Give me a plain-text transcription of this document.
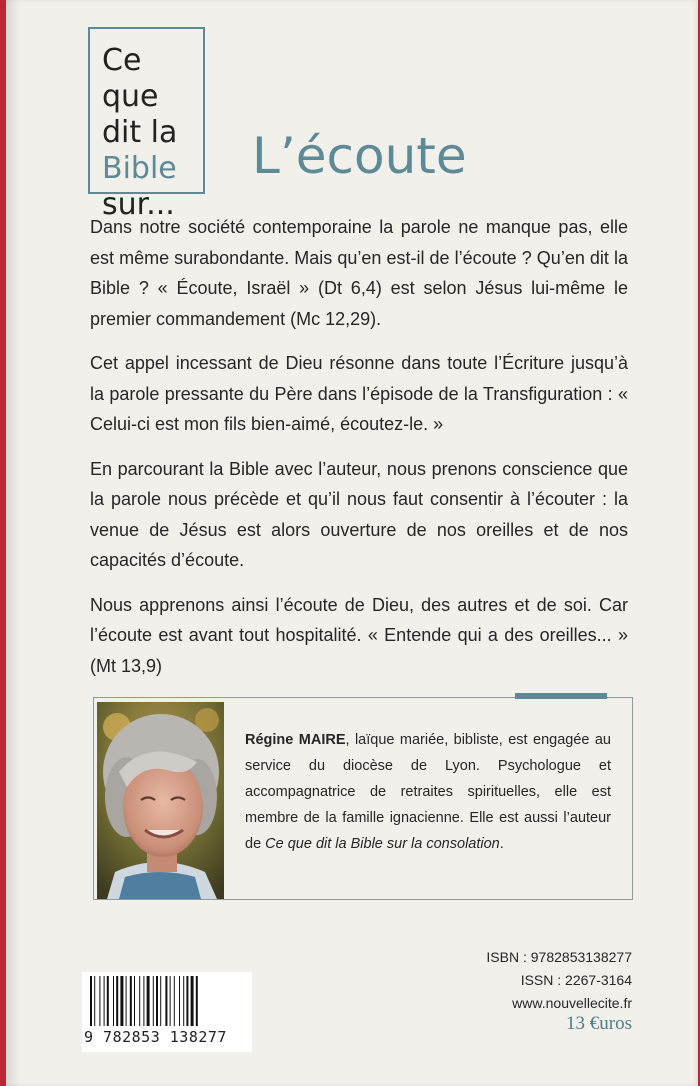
Ce que
dit la
Bible
sur...
L’écoute

Dans notre société contemporaine la parole ne manque pas, elle est même surabondante. Mais qu’en est-il de l’écoute ? Qu’en dit la Bible ? « Écoute, Israël » (Dt 6,4) est selon Jésus lui-même le premier commandement (Mc 12,29).

Cet appel incessant de Dieu résonne dans toute l’Écriture jusqu’à la parole pressante du Père dans l’épisode de la Transfiguration : « Celui-ci est mon fils bien-aimé, écoutez-le. »

En parcourant la Bible avec l’auteur, nous prenons conscience que la parole nous précède et qu’il nous faut consentir à l’écouter : la venue de Jésus est alors ouverture de nos oreilles et de nos capacités d’écoute.

Nous apprenons ainsi l’écoute de Dieu, des autres et de soi. Car l’écoute est avant tout hospitalité. « Entende qui a des oreilles... » (Mt 13,9)

Régine MAIRE, laïque mariée, bibliste, est engagée au service du diocèse de Lyon. Psychologue et accompagnatrice de retraites spirituelles, elle est membre de la famille ignacienne. Elle est aussi l’auteur de Ce que dit la Bible sur la consolation.
9 782853 138277
ISBN : 9782853138277
ISSN : 2267-3164
www.nouvellecite.fr
13 €uros
